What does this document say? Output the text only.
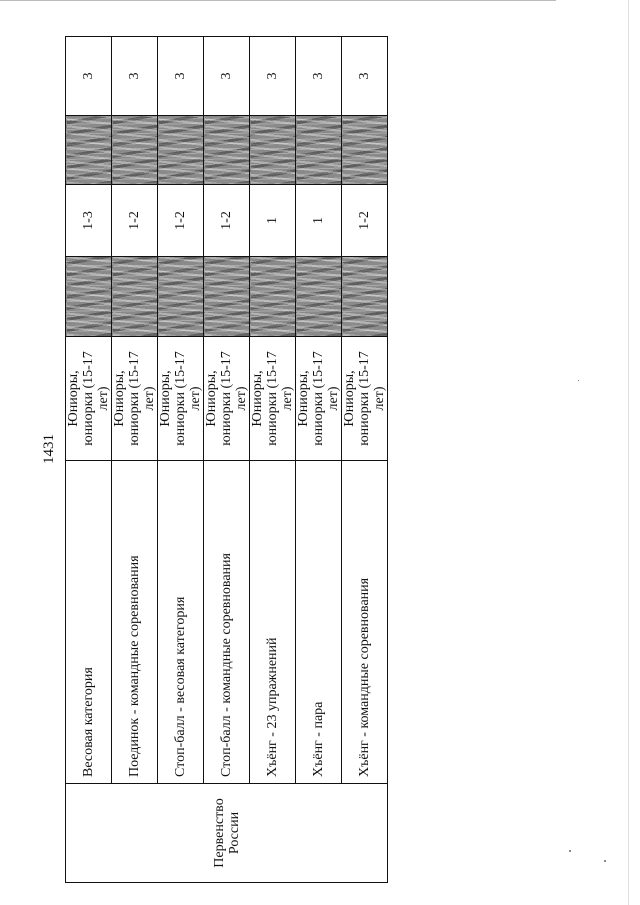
1431
Первенство России	Весовая категория	Юниоры, юниорки (15-17 лет)		1-3		3
	Поединок - командные соревнования	Юниоры, юниорки (15-17 лет)		1-2		3
	Стоп-балл - весовая категория	Юниоры, юниорки (15-17 лет)		1-2		3
	Стоп-балл - командные соревнования	Юниоры, юниорки (15-17 лет)		1-2		3
	Хъёнг - 23 упражнений	Юниоры, юниорки (15-17 лет)		1		3
	Хъёнг - пара	Юниоры, юниорки (15-17 лет)		1		3
	Хъёнг - командные соревнования	Юниоры, юниорки (15-17 лет)		1-2		3
